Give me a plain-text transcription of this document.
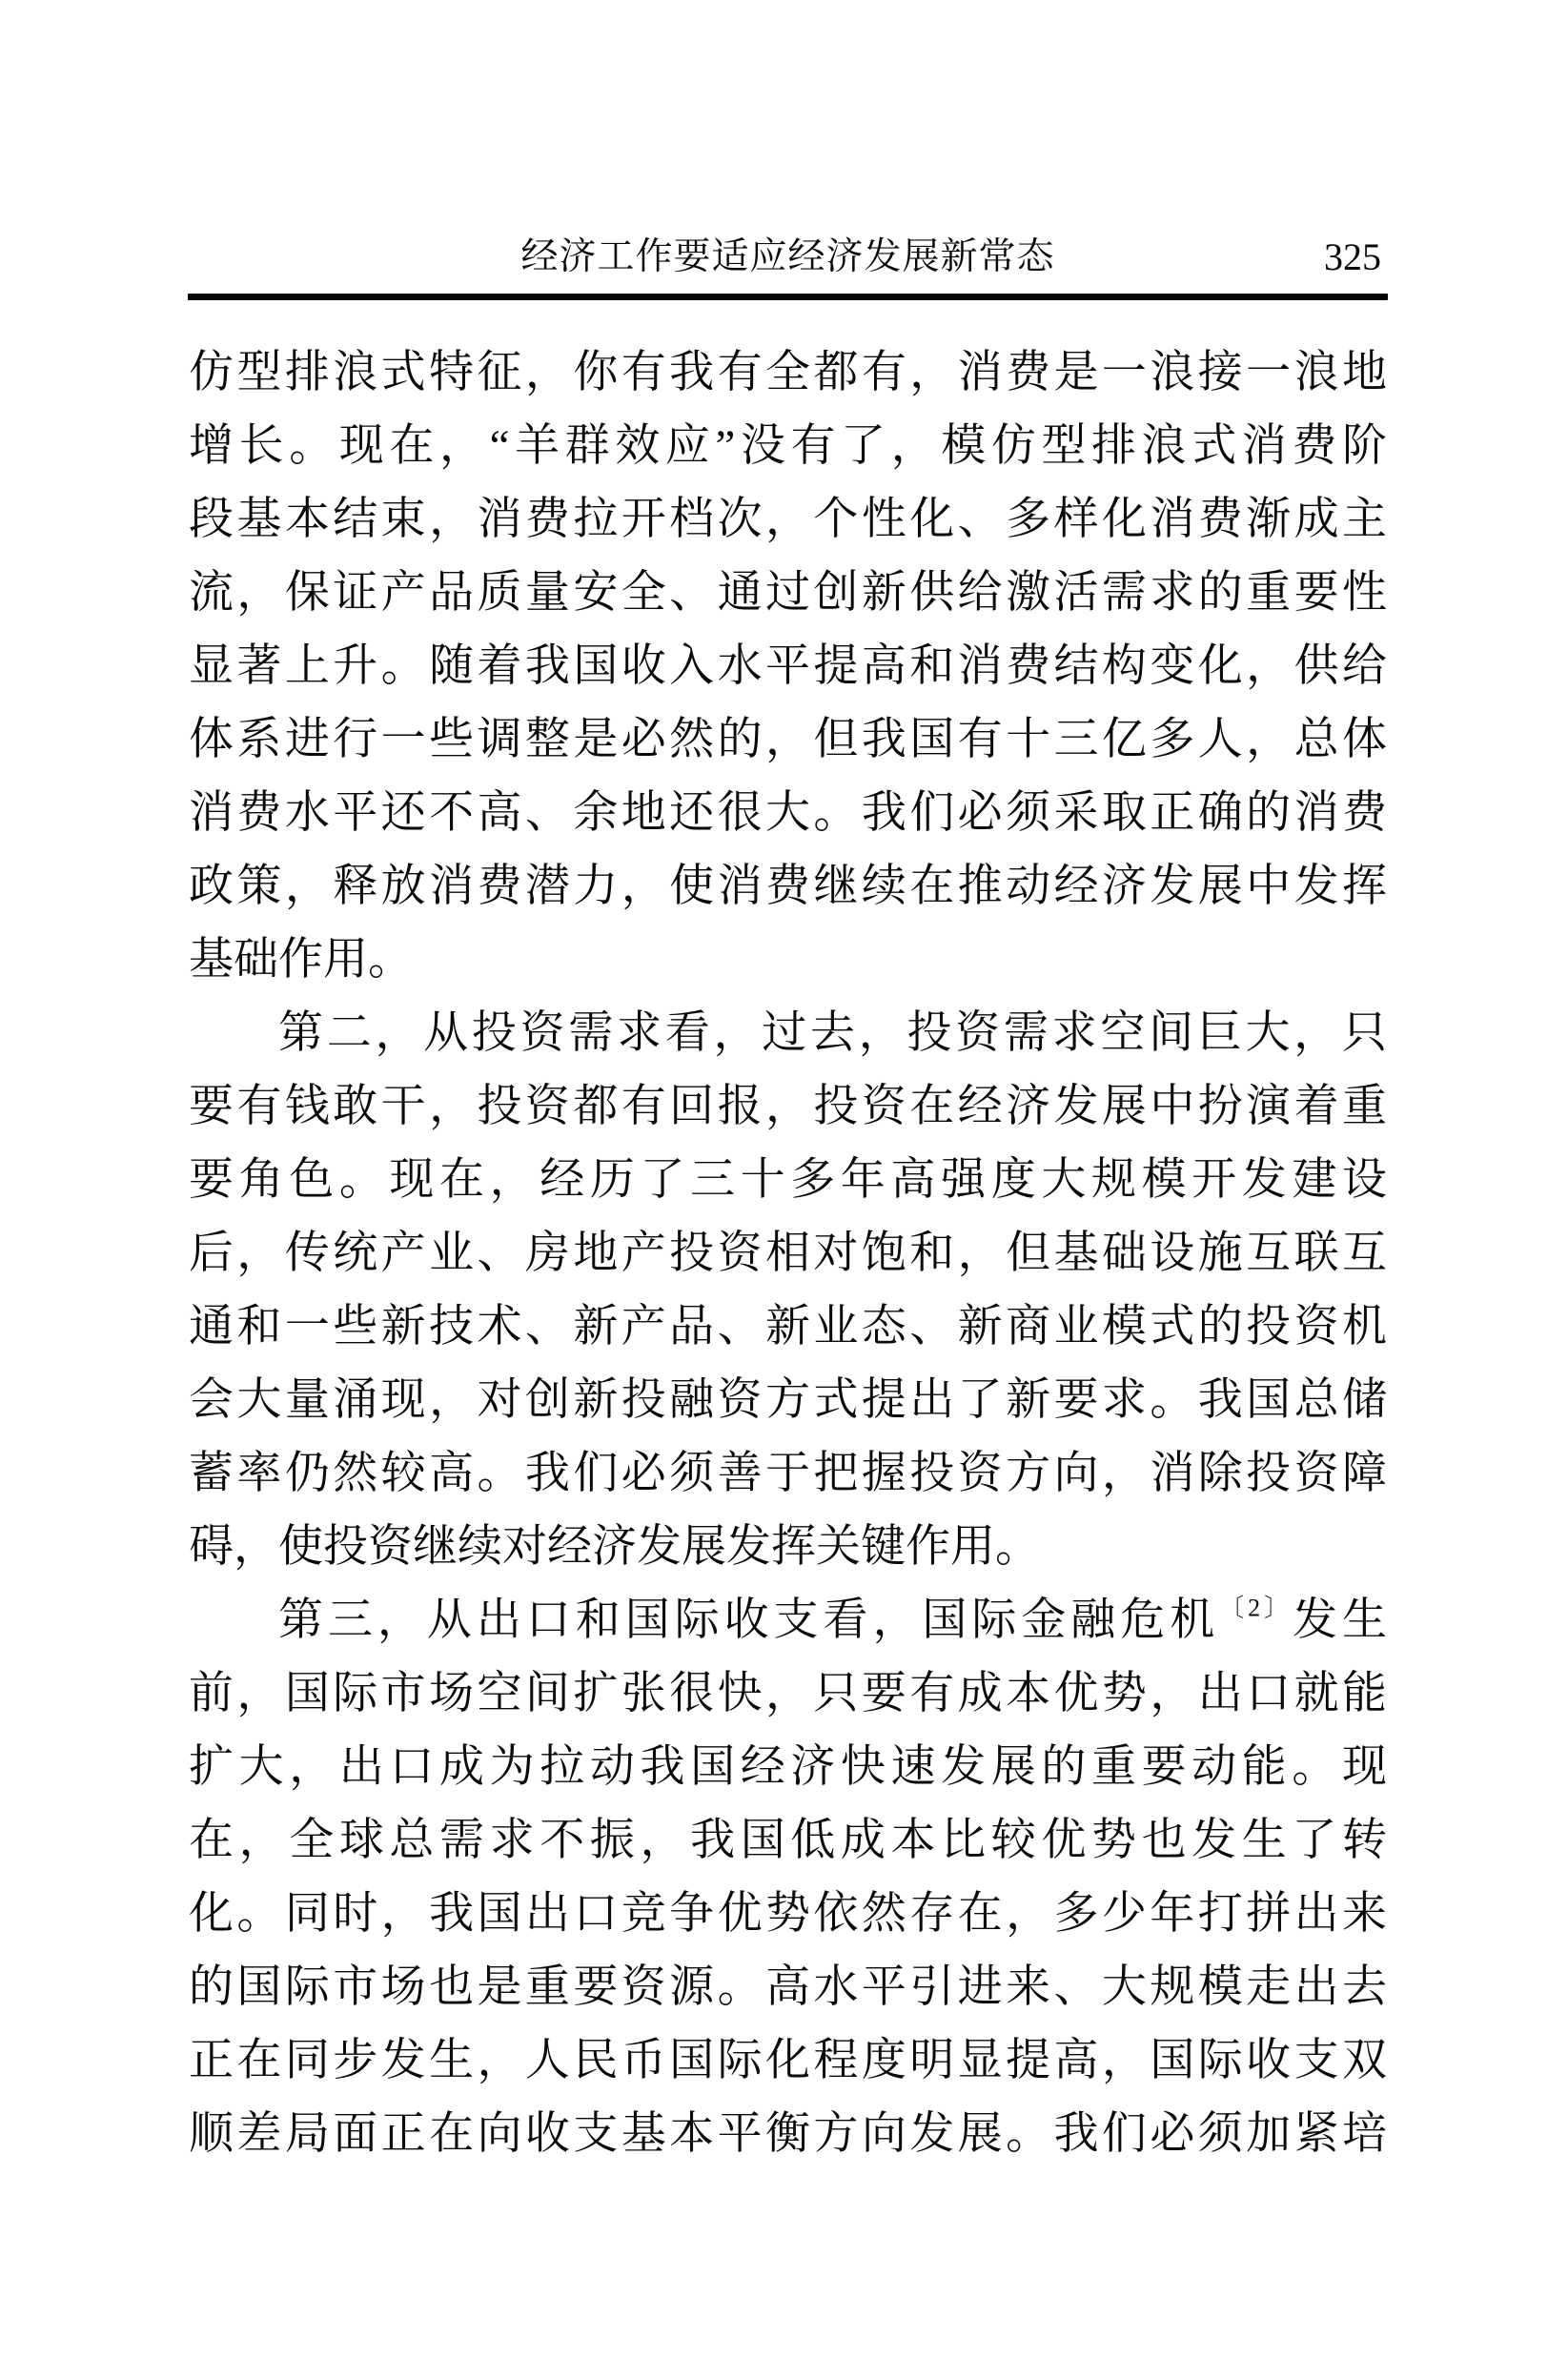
经济工作要适应经济发展新常态	325
仿型排浪式特征，你有我有全都有，消费是一浪接一浪地
增长。现在，“羊群效应”没有了，模仿型排浪式消费阶
段基本结束，消费拉开档次，个性化、多样化消费渐成主
流，保证产品质量安全、通过创新供给激活需求的重要性
显著上升。随着我国收入水平提高和消费结构变化，供给
体系进行一些调整是必然的，但我国有十三亿多人，总体
消费水平还不高、余地还很大。我们必须采取正确的消费
政策，释放消费潜力，使消费继续在推动经济发展中发挥
基础作用。
第二，从投资需求看，过去，投资需求空间巨大，只
要有钱敢干，投资都有回报，投资在经济发展中扮演着重
要角色。现在，经历了三十多年高强度大规模开发建设
后，传统产业、房地产投资相对饱和，但基础设施互联互
通和一些新技术、新产品、新业态、新商业模式的投资机
会大量涌现，对创新投融资方式提出了新要求。我国总储
蓄率仍然较高。我们必须善于把握投资方向，消除投资障
碍，使投资继续对经济发展发挥关键作用。
第三，从出口和国际收支看，国际金融危机$^{〔2〕}$发生
前，国际市场空间扩张很快，只要有成本优势，出口就能
扩大，出口成为拉动我国经济快速发展的重要动能。现
在，全球总需求不振，我国低成本比较优势也发生了转
化。同时，我国出口竞争优势依然存在，多少年打拼出来
的国际市场也是重要资源。高水平引进来、大规模走出去
正在同步发生，人民币国际化程度明显提高，国际收支双
顺差局面正在向收支基本平衡方向发展。我们必须加紧培
